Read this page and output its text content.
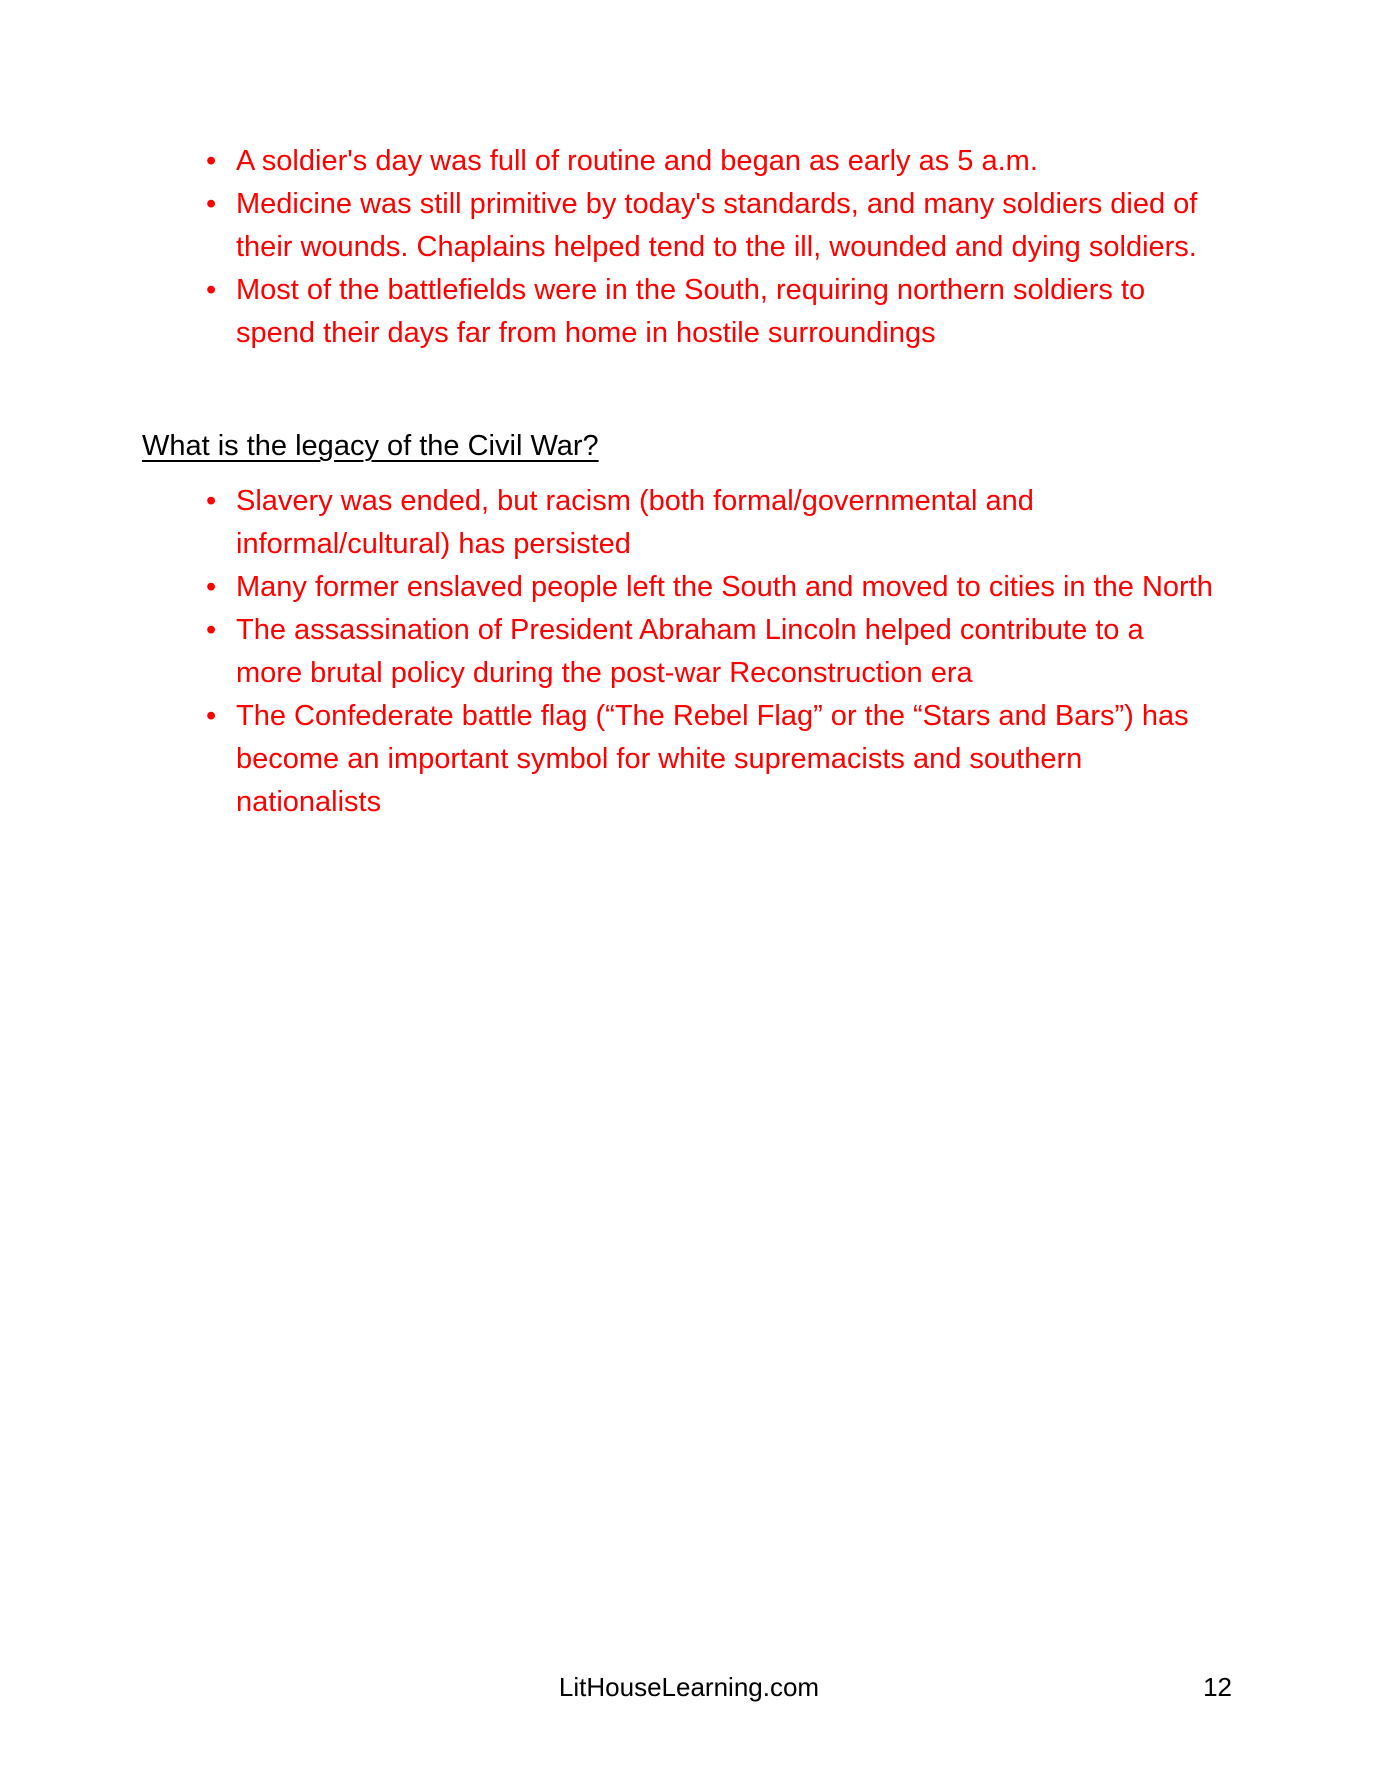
• A soldier's day was full of routine and began as early as 5 a.m.
• Medicine was still primitive by today's standards, and many soldiers died of their wounds. Chaplains helped tend to the ill, wounded and dying soldiers.
• Most of the battlefields were in the South, requiring northern soldiers to spend their days far from home in hostile surroundings
What is the legacy of the Civil War?
• Slavery was ended, but racism (both formal/governmental and informal/cultural) has persisted
• Many former enslaved people left the South and moved to cities in the North
• The assassination of President Abraham Lincoln helped contribute to a more brutal policy during the post-war Reconstruction era
• The Confederate battle flag (“The Rebel Flag” or the “Stars and Bars”) has become an important symbol for white supremacists and southern nationalists
LitHouseLearning.com	12
